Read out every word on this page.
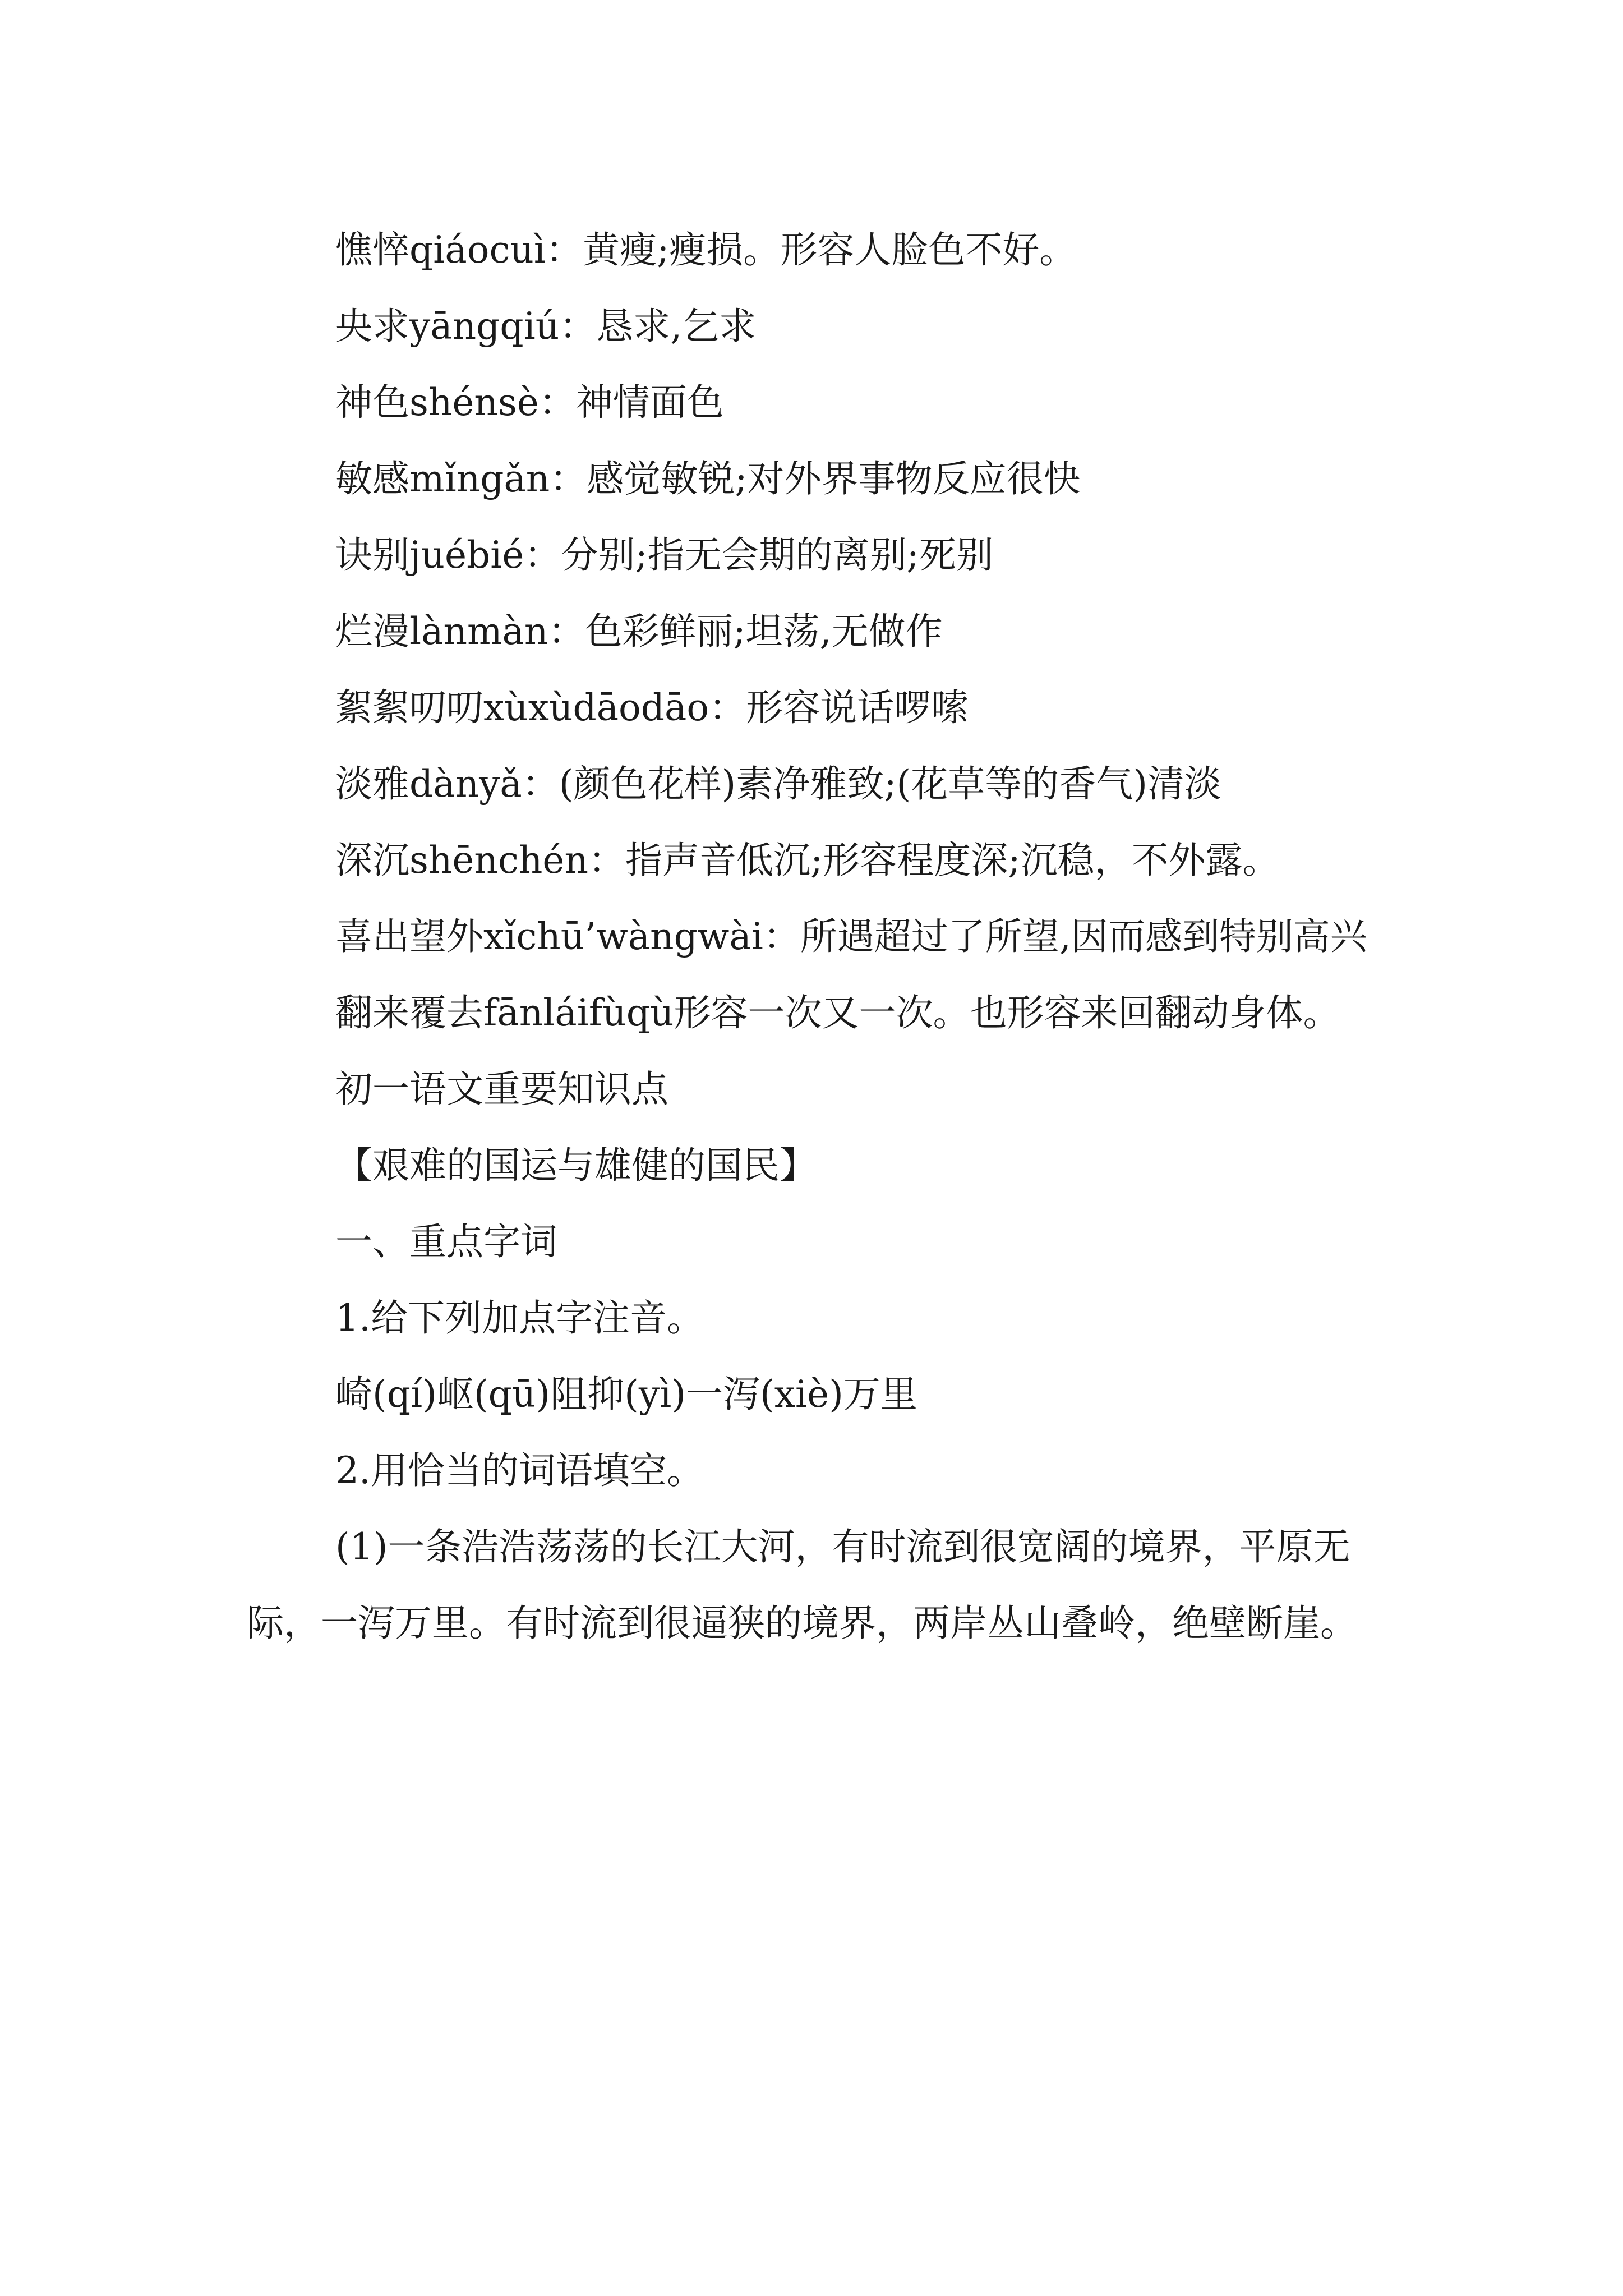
憔悴qiáocuì：黄瘦;瘦损。形容人脸色不好。

央求yāngqiú：恳求,乞求

神色shénsè：神情面色

敏感mǐngǎn：感觉敏锐;对外界事物反应很快

诀别juébié：分别;指无会期的离别;死别

烂漫lànmàn：色彩鲜丽;坦荡,无做作

絮絮叨叨xùxùdāodāo：形容说话啰嗦

淡雅dànyǎ：(颜色花样)素净雅致;(花草等的香气)清淡

深沉shēnchén：指声音低沉;形容程度深;沉稳，不外露。

喜出望外xǐchū’wàngwài：所遇超过了所望,因而感到特别高兴

翻来覆去fānláifùqù形容一次又一次。也形容来回翻动身体。

初一语文重要知识点

【艰难的国运与雄健的国民】

一、重点字词

1.给下列加点字注音。

崎(qí)岖(qū)阻抑(yì)一泻(xiè)万里

2.用恰当的词语填空。

(1)一条浩浩荡荡的长江大河，有时流到很宽阔的境界，平原无际，一泻万里。有时流到很逼狭的境界，两岸丛山叠岭，绝壁断崖。
